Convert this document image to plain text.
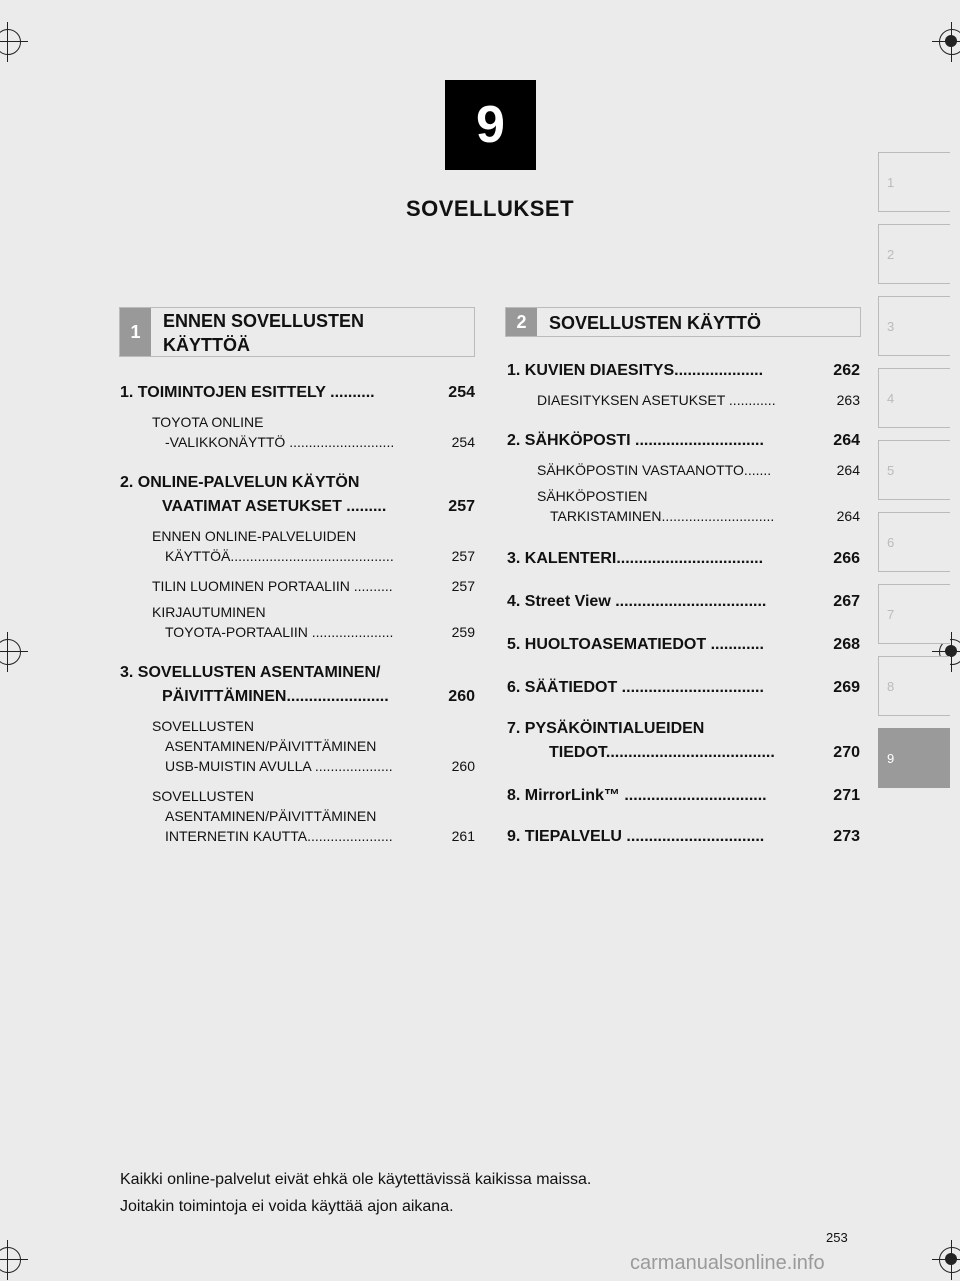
9
SOVELLUKSET
1
2
3
4
5
6
7
8
9
1
ENNEN SOVELLUSTEN
KÄYTTÖÄ
2	SOVELLUSTEN KÄYTTÖ
1. TOIMINTOJEN ESITTELY ..........	254
TOYOTA ONLINE
-VALIKKONÄYTTÖ ...........................	254
2. ONLINE-PALVELUN KÄYTÖN
VAATIMAT ASETUKSET .........	257
ENNEN ONLINE-PALVELUIDEN
KÄYTTÖÄ..........................................	257
TILIN LUOMINEN PORTAALIIN ..........	257
KIRJAUTUMINEN
TOYOTA-PORTAALIIN .....................	259
3. SOVELLUSTEN ASENTAMINEN/
PÄIVITTÄMINEN.......................	260
SOVELLUSTEN
ASENTAMINEN/PÄIVITTÄMINEN
USB-MUISTIN AVULLA ....................	260
SOVELLUSTEN
ASENTAMINEN/PÄIVITTÄMINEN
INTERNETIN KAUTTA......................	261
1. KUVIEN DIAESITYS....................	262
DIAESITYKSEN ASETUKSET ............	263
2. SÄHKÖPOSTI .............................	264
SÄHKÖPOSTIN VASTAANOTTO.......	264
SÄHKÖPOSTIEN
TARKISTAMINEN.............................	264
3. KALENTERI.................................	266
4. Street View ..................................	267
5. HUOLTOASEMATIEDOT ............	268
6. SÄÄTIEDOT ................................	269
7. PYSÄKÖINTIALUEIDEN
TIEDOT......................................	270
8. MirrorLink™ ................................	271
9. TIEPALVELU ...............................	273
Kaikki online-palvelut eivät ehkä ole käytettävissä kaikissa maissa.
Joitakin toimintoja ei voida käyttää ajon aikana.
253
carmanualsonline.info
